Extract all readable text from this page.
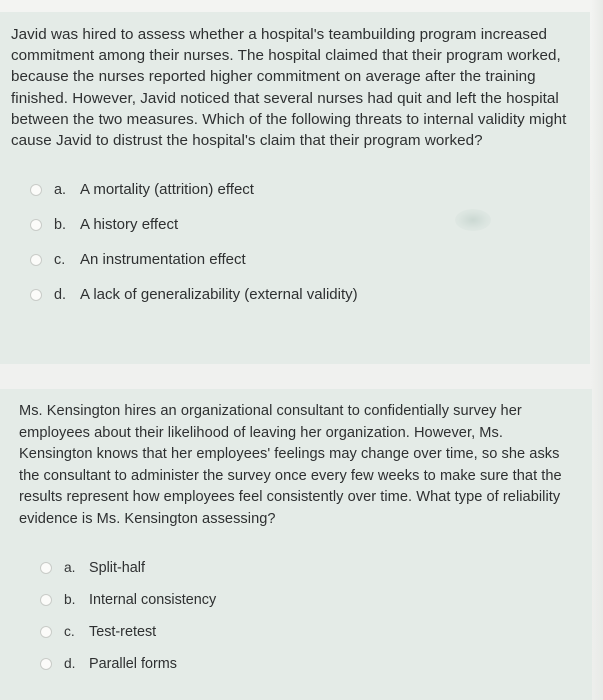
Javid was hired to assess whether a hospital's teambuilding program increased commitment among their nurses. The hospital claimed that their program worked, because the nurses reported higher commitment on average after the training finished. However, Javid noticed that several nurses had quit and left the hospital between the two measures. Which of the following threats to internal validity might cause Javid to distrust the hospital's claim that their program worked?

a. A mortality (attrition) effect
b. A history effect
c. An instrumentation effect
d. A lack of generalizability (external validity)

Ms. Kensington hires an organizational consultant to confidentially survey her employees about their likelihood of leaving her organization. However, Ms. Kensington knows that her employees' feelings may change over time, so she asks the consultant to administer the survey once every few weeks to make sure that the results represent how employees feel consistently over time. What type of reliability evidence is Ms. Kensington assessing?

a. Split-half
b. Internal consistency
c. Test-retest
d. Parallel forms
